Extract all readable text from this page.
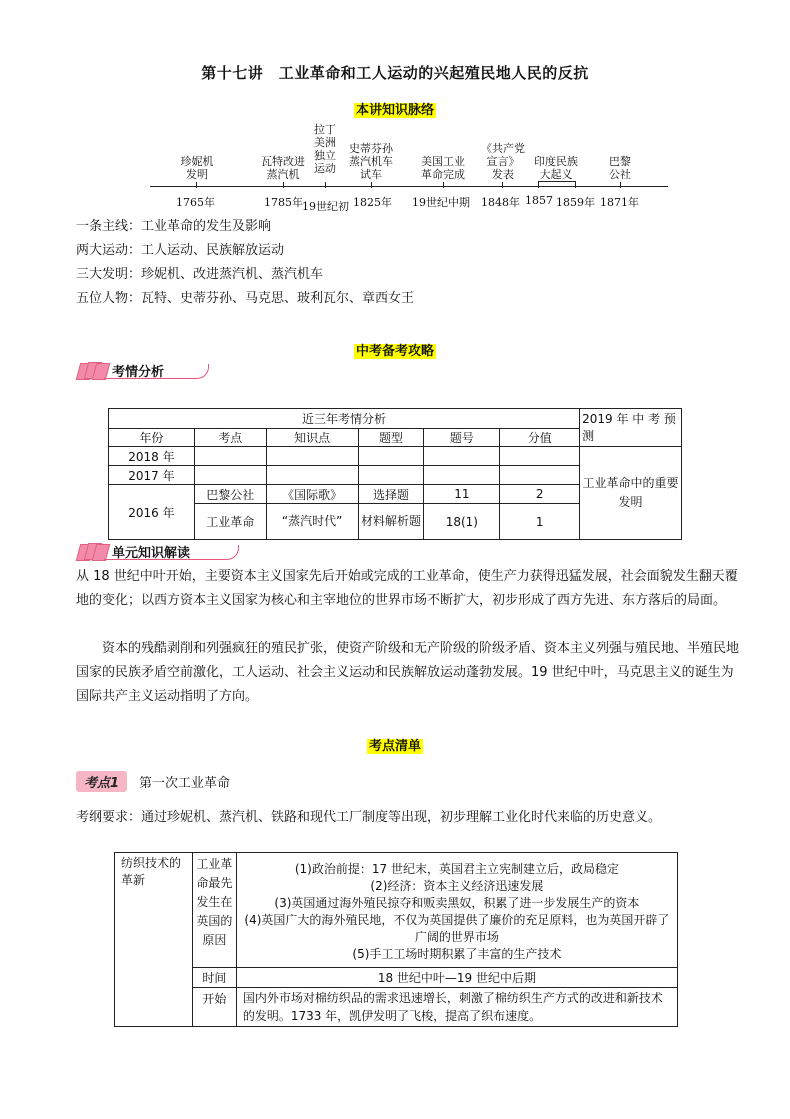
第十七讲　工业革命和工人运动的兴起殖民地人民的反抗
本讲知识脉络
珍妮机
发明
1765年
瓦特改进
蒸汽机
1785年
拉丁
美洲
独立
运动
19世纪初
史蒂芬孙
蒸汽机车
试车
1825年
美国工业
革命完成
19世纪中期
《共产党
宣言》
发表
1848年
印度民族
大起义
1857 1859年
巴黎
公社
1871年
一条主线：工业革命的发生及影响
两大运动：工人运动、民族解放运动
三大发明：珍妮机、改进蒸汽机、蒸汽机车
五位人物：瓦特、史蒂芬孙、马克思、玻利瓦尔、章西女王
中考备考攻略
考情分析
近三年考情分析						2019 年 中 考 预 测
年份	考点	知识点	题型	题号	分值	
2018 年						工业革命中的重要发明
2017 年						
2016 年	巴黎公社	《国际歌》	选择题	11	2	
	工业革命	“蒸汽时代”	材料解析题	18(1)	1	
单元知识解读
从 18 世纪中叶开始，主要资本主义国家先后开始或完成的工业革命，使生产力获得迅猛发展，社会面貌发生翻天覆地的变化；以西方资本主义国家为核心和主宰地位的世界市场不断扩大，初步形成了西方先进、东方落后的局面。
资本的残酷剥削和列强疯狂的殖民扩张，使资产阶级和无产阶级的阶级矛盾、资本主义列强与殖民地、半殖民地国家的民族矛盾空前激化，工人运动、社会主义运动和民族解放运动蓬勃发展。19 世纪中叶，马克思主义的诞生为国际共产主义运动指明了方向。
考点清单
考点1	第一次工业革命
考纲要求：通过珍妮机、蒸汽机、铁路和现代工厂制度等出现，初步理解工业化时代来临的历史意义。
纺织技术的革新	工业革命最先发生在英国的原因	(1)政治前提：17 世纪末，英国君主立宪制建立后，政局稳定
(2)经济：资本主义经济迅速发展
(3)英国通过海外殖民掠夺和贩卖黑奴，积累了进一步发展生产的资本
(4)英国广大的海外殖民地，不仅为英国提供了廉价的充足原料，也为英国开辟了广阔的世界市场
(5)手工工场时期积累了丰富的生产技术

	时间	18 世纪中叶—19 世纪中后期
	开始	国内外市场对棉纺织品的需求迅速增长，刺激了棉纺织生产方式的改进和新技术的发明。1733 年，凯伊发明了飞梭，提高了织布速度。
